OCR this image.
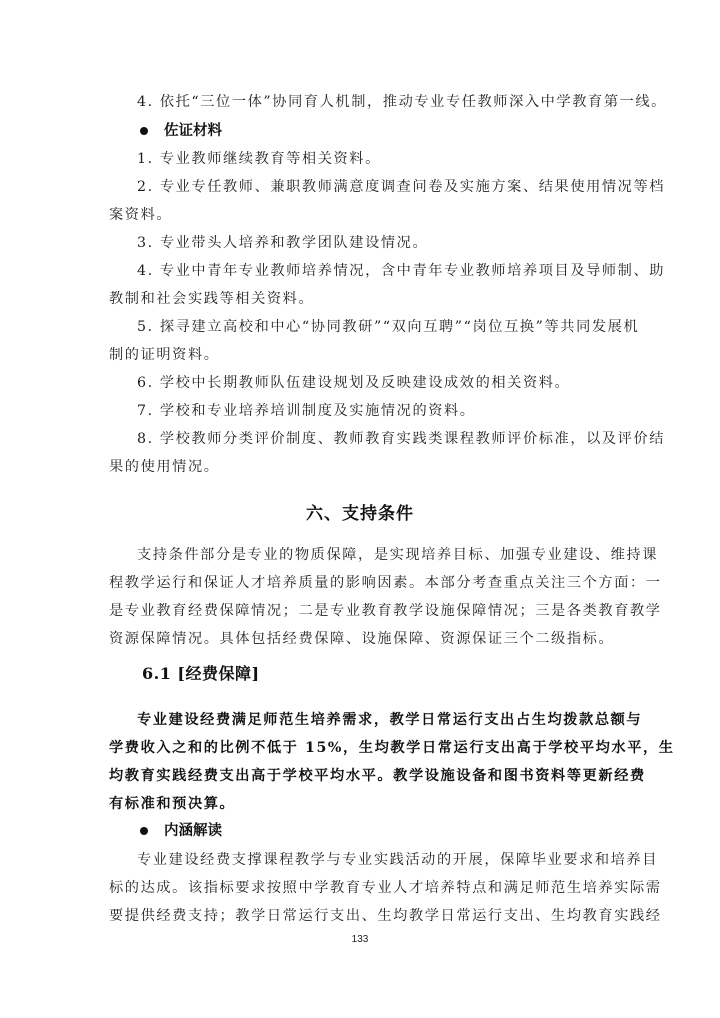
4. 依托“三位一体”协同育人机制，推动专业专任教师深入中学教育第一线。
佐证材料
1. 专业教师继续教育等相关资料。
2. 专业专任教师、兼职教师满意度调查问卷及实施方案、结果使用情况等档
案资料。
3. 专业带头人培养和教学团队建设情况。
4. 专业中青年专业教师培养情况，含中青年专业教师培养项目及导师制、助
教制和社会实践等相关资料。
5. 探寻建立高校和中心“协同教研”“双向互聘”“岗位互换”等共同发展机
制的证明资料。
6. 学校中长期教师队伍建设规划及反映建设成效的相关资料。
7. 学校和专业培养培训制度及实施情况的资料。
8. 学校教师分类评价制度、教师教育实践类课程教师评价标准，以及评价结
果的使用情况。
六、支持条件
支持条件部分是专业的物质保障，是实现培养目标、加强专业建设、维持课
程教学运行和保证人才培养质量的影响因素。本部分考查重点关注三个方面：一
是专业教育经费保障情况；二是专业教育教学设施保障情况；三是各类教育教学
资源保障情况。具体包括经费保障、设施保障、资源保证三个二级指标。
6.1 [经费保障]
专业建设经费满足师范生培养需求，教学日常运行支出占生均拨款总额与
学费收入之和的比例不低于 15%，生均教学日常运行支出高于学校平均水平，生
均教育实践经费支出高于学校平均水平。教学设施设备和图书资料等更新经费
有标准和预决算。
内涵解读
专业建设经费支撑课程教学与专业实践活动的开展，保障毕业要求和培养目
标的达成。该指标要求按照中学教育专业人才培养特点和满足师范生培养实际需
要提供经费支持；教学日常运行支出、生均教学日常运行支出、生均教育实践经
133
